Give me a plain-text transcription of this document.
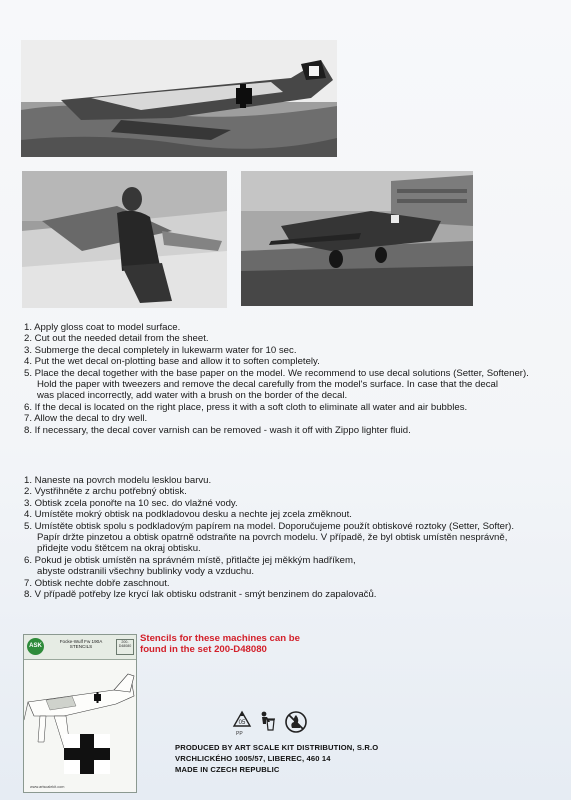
1. Apply gloss coat to model surface.
2. Cut out the needed detail from the sheet.
3. Submerge the decal completely in lukewarm water for 10 sec.
4. Put the wet decal on-plotting base and allow it to soften completely.
5. Place the decal together with the base paper on the model. We recommend to use decal solutions (Setter, Softener).
Hold the paper with tweezers and remove the decal carefully from the model's surface. In case that the decal
was placed incorrectly, add water with a brush on the border of the decal.
6. If the decal is located on the right place, press it with a soft cloth to eliminate all water and air bubbles.
7. Allow the decal to dry well.
8. If necessary, the decal cover varnish can be removed - wash it off with Zippo lighter fluid.
1. Naneste na povrch modelu lesklou barvu.
2. Vystřihněte z archu potřebný obtisk.
3. Obtisk zcela ponořte na 10 sec. do vlažné vody.
4. Umístěte mokrý obtisk na podkladovou desku a nechte jej zcela změknout.
5. Umístěte obtisk spolu s podkladovým papírem na model. Doporučujeme použít obtiskové roztoky (Setter, Softer).
Papír držte pinzetou a obtisk opatrně odstraňte na povrch modelu. V případě, že byl obtisk umístěn nesprávně,
přidejte vodu štětcem na okraj obtisku.
6. Pokud je obtisk umístěn na správném místě, přitlačte jej měkkým hadříkem,
abyste odstranili všechny bublinky vody a vzduchu.
7. Obtisk nechte dobře zaschnout.
8. V případě potřeby lze krycí lak obtisku odstranit - smýt benzinem do zapalovačů.
ASK
Focke-Wulf Fw 190A
STENCILS
200-D48080
www.artscalekit.com

Stencils for these machines can be
found in the set 200-D48080

05
PP

PRODUCED BY ART SCALE KIT DISTRIBUTION, S.R.O
VRCHLICKÉHO 1005/57, LIBEREC, 460 14
MADE IN CZECH REPUBLIC
